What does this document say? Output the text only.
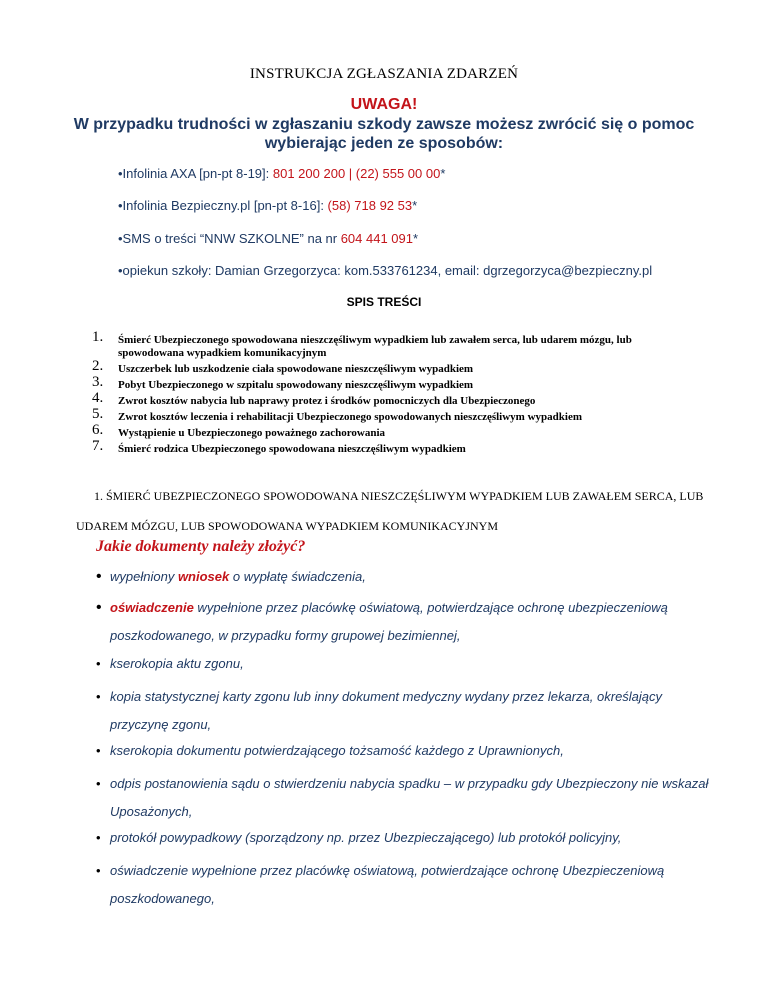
INSTRUKCJA ZGŁASZANIA ZDARZEŃ
UWAGA!
W przypadku trudności w zgłaszaniu szkody zawsze możesz zwrócić się o pomoc wybierając jeden ze sposobów:
•Infolinia AXA [pn-pt 8-19]: 801 200 200 | (22) 555 00 00*
•Infolinia Bezpieczny.pl [pn-pt 8-16]: (58) 718 92 53*
•SMS o treści “NNW SZKOLNE” na nr 604 441 091*
•opiekun szkoły: Damian Grzegorzyca: kom.533761234, email: dgrzegorzyca@bezpieczny.pl
SPIS TREŚCI
1. Śmierć Ubezpieczonego spowodowana nieszczęśliwym wypadkiem lub zawałem serca, lub udarem mózgu, lub spowodowana wypadkiem komunikacyjnym
2. Uszczerbek lub uszkodzenie ciała spowodowane nieszczęśliwym wypadkiem
3. Pobyt Ubezpieczonego w szpitalu spowodowany nieszczęśliwym wypadkiem
4. Zwrot kosztów nabycia lub naprawy protez i środków pomocniczych dla Ubezpieczonego
5. Zwrot kosztów leczenia i rehabilitacji Ubezpieczonego spowodowanych nieszczęśliwym wypadkiem
6. Wystąpienie u Ubezpieczonego poważnego zachorowania
7. Śmierć rodzica Ubezpieczonego spowodowana nieszczęśliwym wypadkiem
1. ŚMIERĆ UBEZPIECZONEGO SPOWODOWANA NIESZCZĘŚLIWYM WYPADKIEM LUB ZAWAŁEM SERCA, LUB UDAREM MÓZGU, LUB SPOWODOWANA WYPADKIEM KOMUNIKACYJNYM
Jakie dokumenty należy złożyć?
• wypełniony wniosek o wypłatę świadczenia,
• oświadczenie wypełnione przez placówkę oświatową, potwierdzające ochronę ubezpieczeniową poszkodowanego, w przypadku formy grupowej bezimiennej,
• kserokopia aktu zgonu,
• kopia statystycznej karty zgonu lub inny dokument medyczny wydany przez lekarza, określający przyczynę zgonu,
• kserokopia dokumentu potwierdzającego tożsamość każdego z Uprawnionych,
• odpis postanowienia sądu o stwierdzeniu nabycia spadku – w przypadku gdy Ubezpieczony nie wskazał Uposażonych,
• protokół powypadkowy (sporządzony np. przez Ubezpieczającego) lub protokół policyjny,
• oświadczenie wypełnione przez placówkę oświatową, potwierdzające ochronę Ubezpieczeniową poszkodowanego,
